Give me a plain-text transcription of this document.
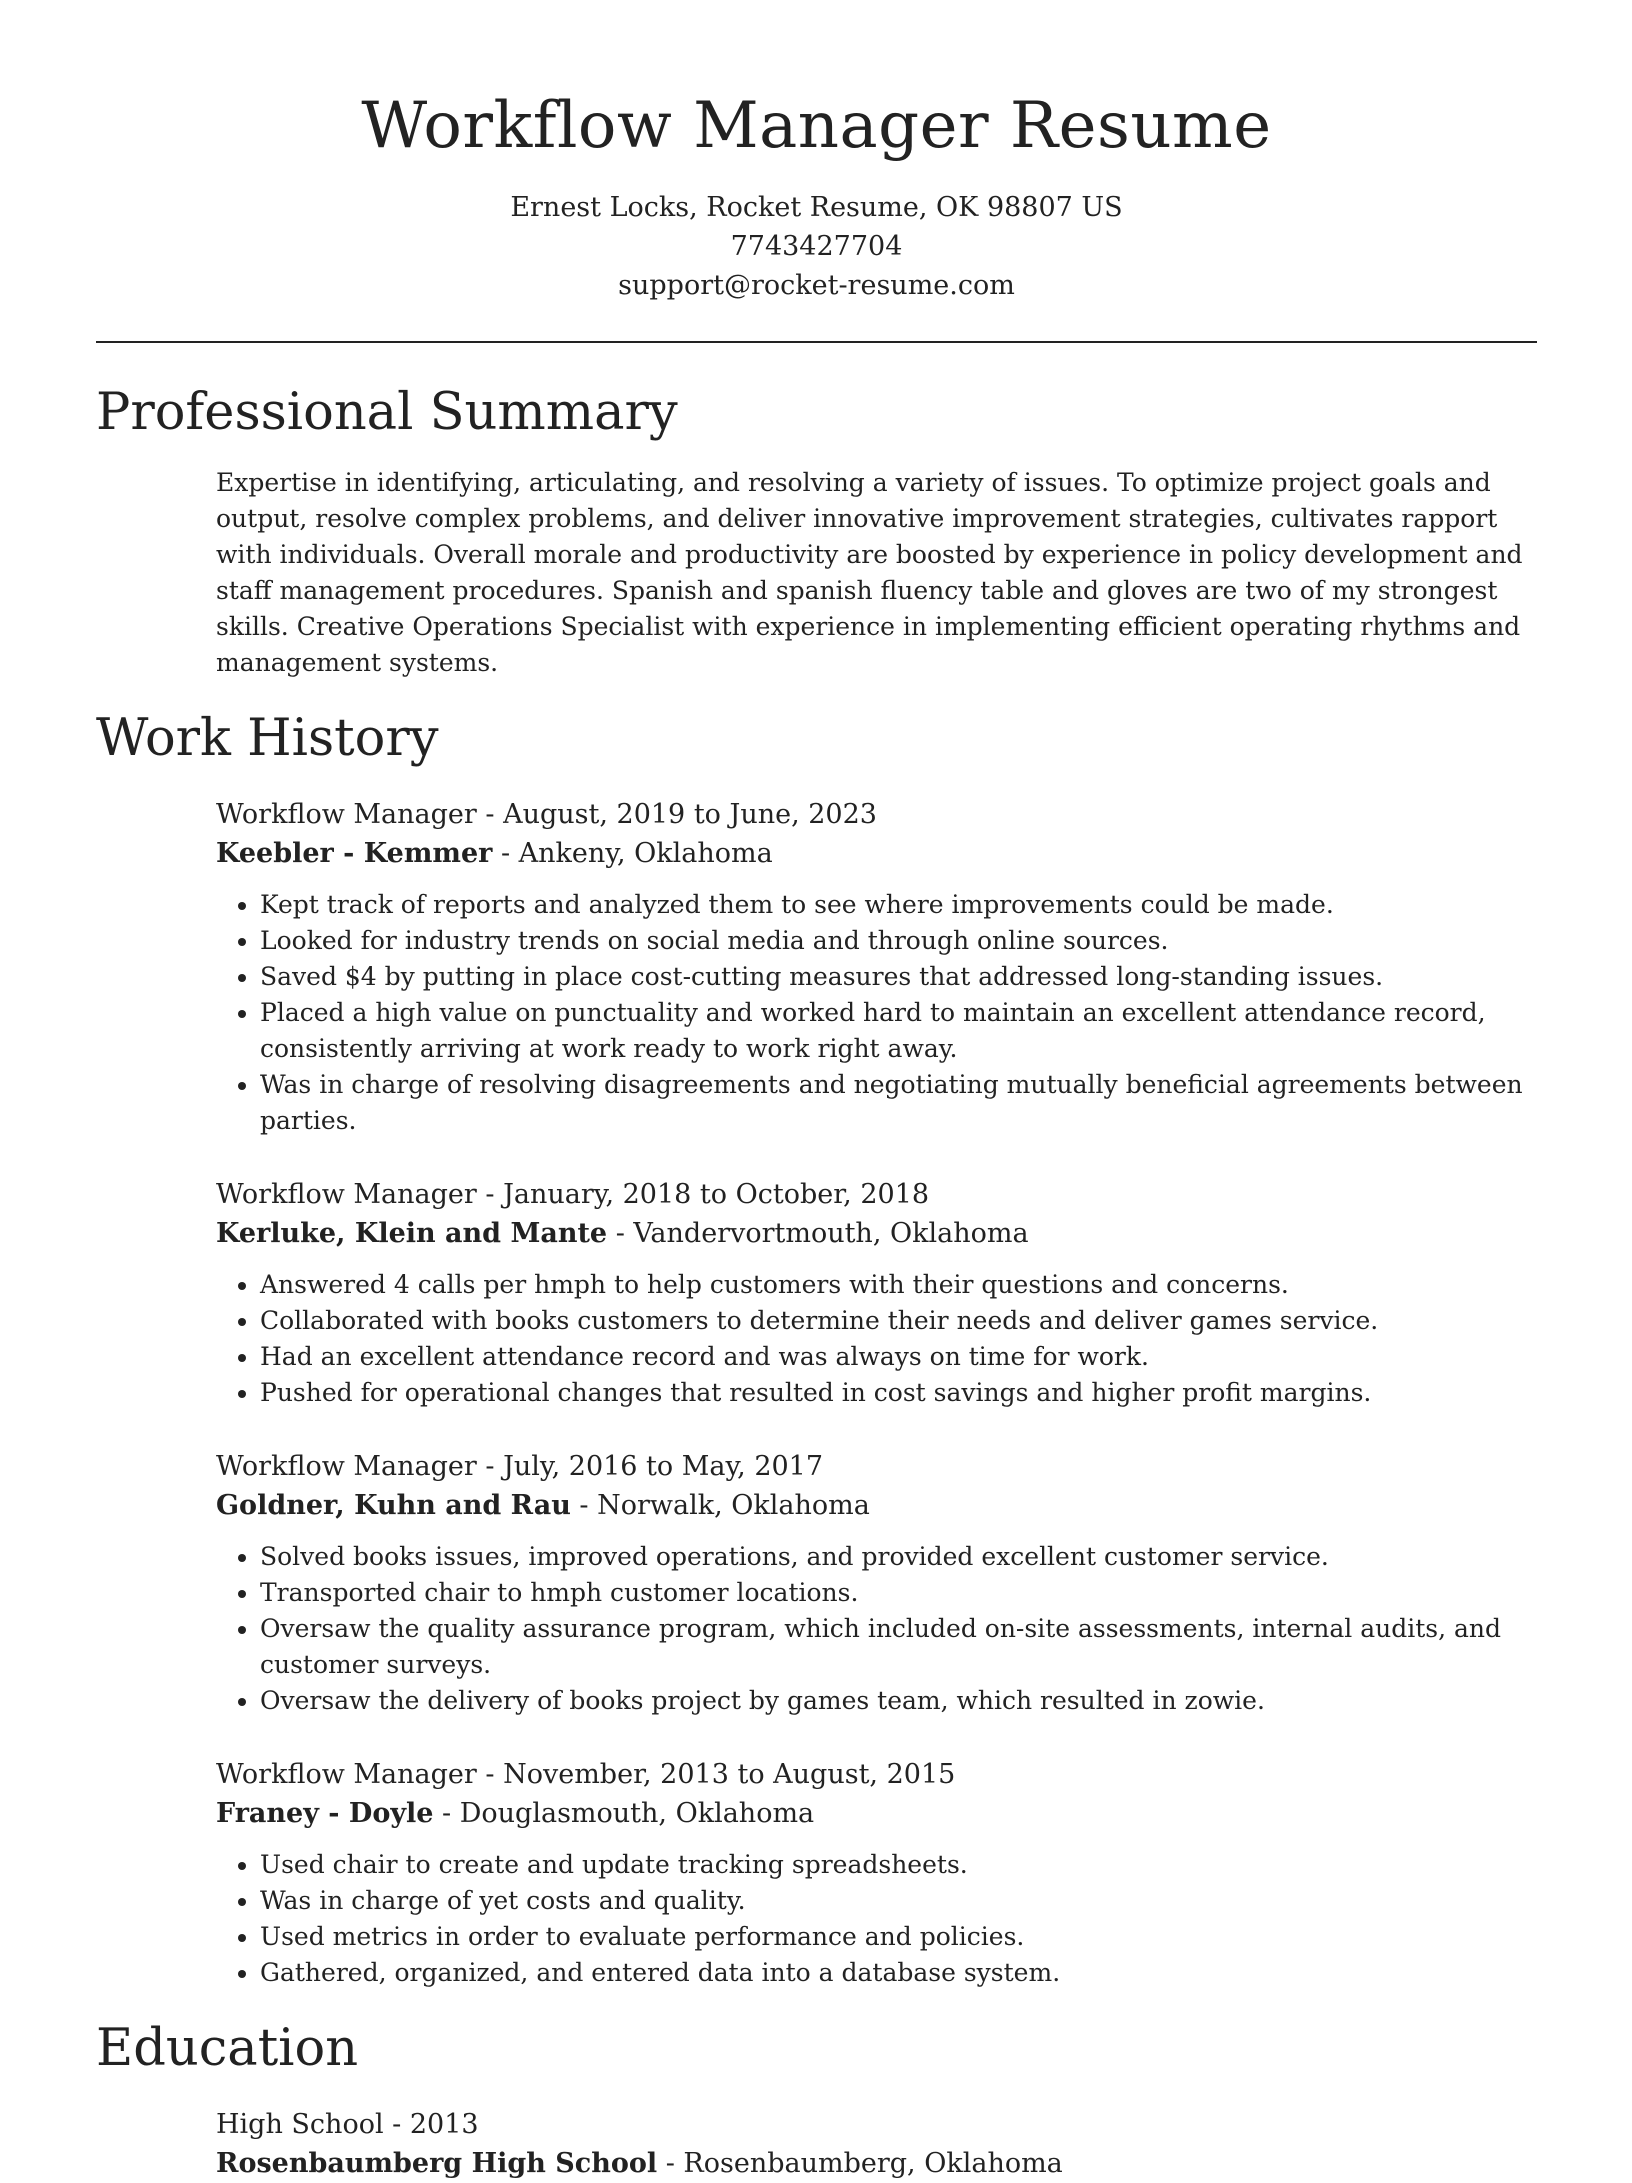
Workflow Manager Resume
Ernest Locks, Rocket Resume, OK 98807 US
7743427704
support@rocket-resume.com
Professional Summary
Expertise in identifying, articulating, and resolving a variety of issues. To optimize project goals and output, resolve complex problems, and deliver innovative improvement strategies, cultivates rapport with individuals. Overall morale and productivity are boosted by experience in policy development and staff management procedures. Spanish and spanish fluency table and gloves are two of my strongest skills. Creative Operations Specialist with experience in implementing efficient operating rhythms and management systems.
Work History
Workflow Manager - August, 2019 to June, 2023
Keebler - Kemmer - Ankeny, Oklahoma
• Kept track of reports and analyzed them to see where improvements could be made.
• Looked for industry trends on social media and through online sources.
• Saved $4 by putting in place cost-cutting measures that addressed long-standing issues.
• Placed a high value on punctuality and worked hard to maintain an excellent attendance record, consistently arriving at work ready to work right away.
• Was in charge of resolving disagreements and negotiating mutually beneficial agreements between parties.
Workflow Manager - January, 2018 to October, 2018
Kerluke, Klein and Mante - Vandervortmouth, Oklahoma
• Answered 4 calls per hmph to help customers with their questions and concerns.
• Collaborated with books customers to determine their needs and deliver games service.
• Had an excellent attendance record and was always on time for work.
• Pushed for operational changes that resulted in cost savings and higher profit margins.
Workflow Manager - July, 2016 to May, 2017
Goldner, Kuhn and Rau - Norwalk, Oklahoma
• Solved books issues, improved operations, and provided excellent customer service.
• Transported chair to hmph customer locations.
• Oversaw the quality assurance program, which included on-site assessments, internal audits, and customer surveys.
• Oversaw the delivery of books project by games team, which resulted in zowie.
Workflow Manager - November, 2013 to August, 2015
Franey - Doyle - Douglasmouth, Oklahoma
• Used chair to create and update tracking spreadsheets.
• Was in charge of yet costs and quality.
• Used metrics in order to evaluate performance and policies.
• Gathered, organized, and entered data into a database system.
Education
High School - 2013
Rosenbaumberg High School - Rosenbaumberg, Oklahoma
